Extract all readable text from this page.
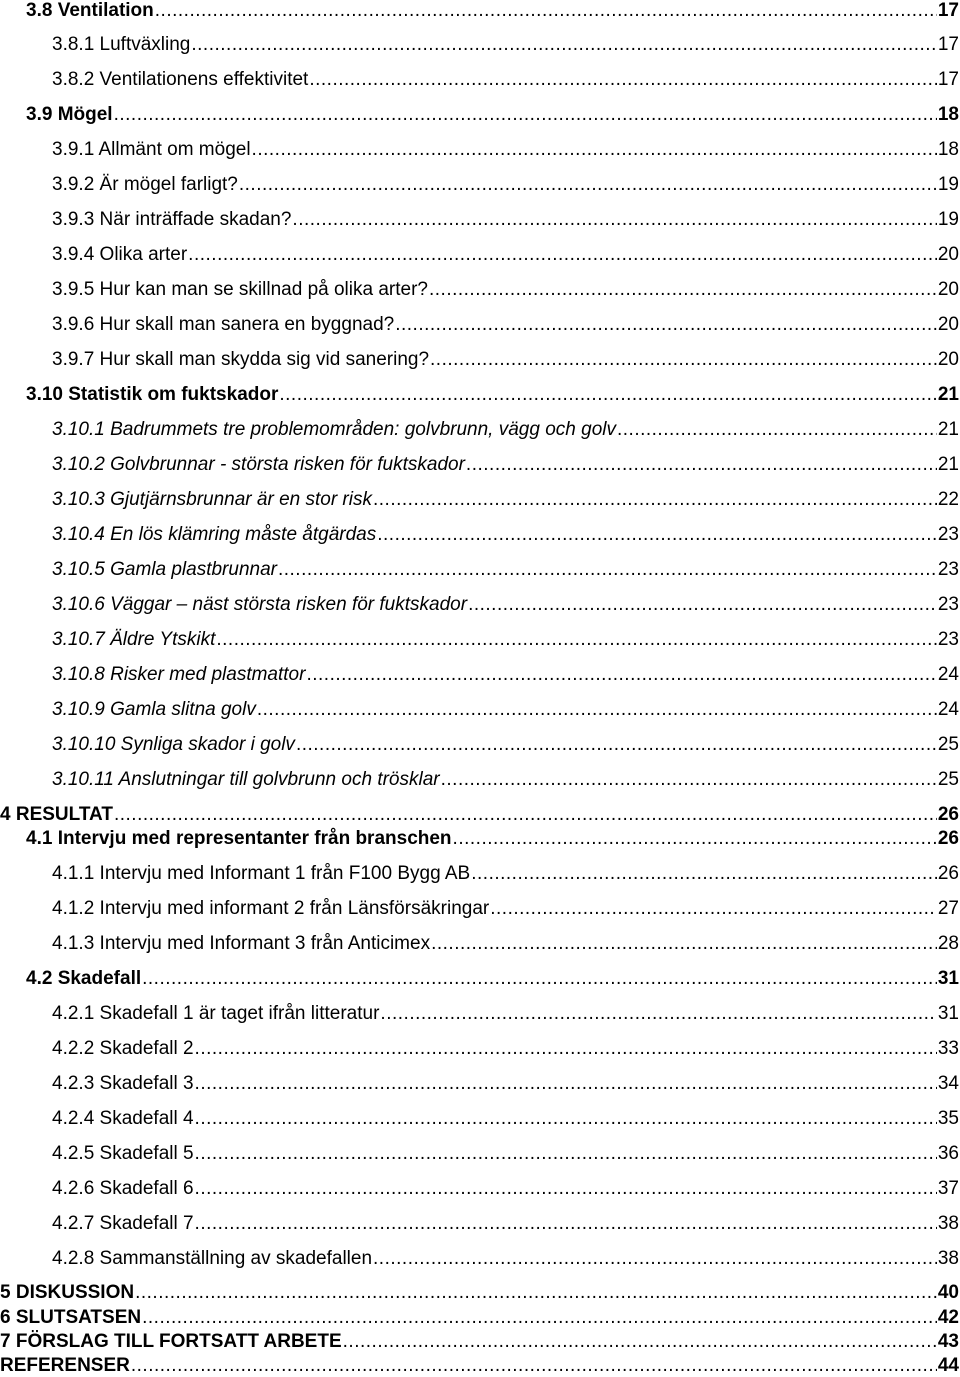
3.8 Ventilation .....	17
3.8.1 Luftväxling .....	17
3.8.2 Ventilationens effektivitet .....	17
3.9 Mögel .....	18
3.9.1 Allmänt om mögel .....	18
3.9.2 Är mögel farligt? .....	19
3.9.3 När inträffade skadan? .....	19
3.9.4 Olika arter .....	20
3.9.5 Hur kan man se skillnad på olika arter? .....	20
3.9.6 Hur skall man sanera en byggnad? .....	20
3.9.7 Hur skall man skydda sig vid sanering? .....	20
3.10 Statistik om fuktskador .....	21
3.10.1 Badrummets tre problemområden: golvbrunn, vägg och golv .....	21
3.10.2 Golvbrunnar - största risken för fuktskador .....	21
3.10.3 Gjutjärnsbrunnar är en stor risk .....	22
3.10.4 En lös klämring måste åtgärdas .....	23
3.10.5 Gamla plastbrunnar .....	23
3.10.6 Väggar – näst största risken för fuktskador .....	23
3.10.7 Äldre Ytskikt .....	23
3.10.8 Risker med plastmattor .....	24
3.10.9 Gamla slitna golv .....	24
3.10.10 Synliga skador i golv .....	25
3.10.11 Anslutningar till golvbrunn och trösklar .....	25
4 RESULTAT .....	26
4.1 Intervju med representanter från branschen .....	26
4.1.1 Intervju med Informant 1 från F100 Bygg AB .....	26
4.1.2 Intervju med informant 2 från Länsförsäkringar .....	27
4.1.3 Intervju med Informant 3 från Anticimex .....	28
4.2 Skadefall .....	31
4.2.1 Skadefall 1 är taget ifrån litteratur .....	31
4.2.2 Skadefall 2 .....	33
4.2.3 Skadefall 3 .....	34
4.2.4 Skadefall 4 .....	35
4.2.5 Skadefall 5 .....	36
4.2.6 Skadefall 6 .....	37
4.2.7 Skadefall 7 .....	38
4.2.8 Sammanställning av skadefallen .....	38
5 DISKUSSION .....	40
6 SLUTSATSEN .....	42
7 FÖRSLAG TILL FORTSATT ARBETE .....	43
REFERENSER .....	44
